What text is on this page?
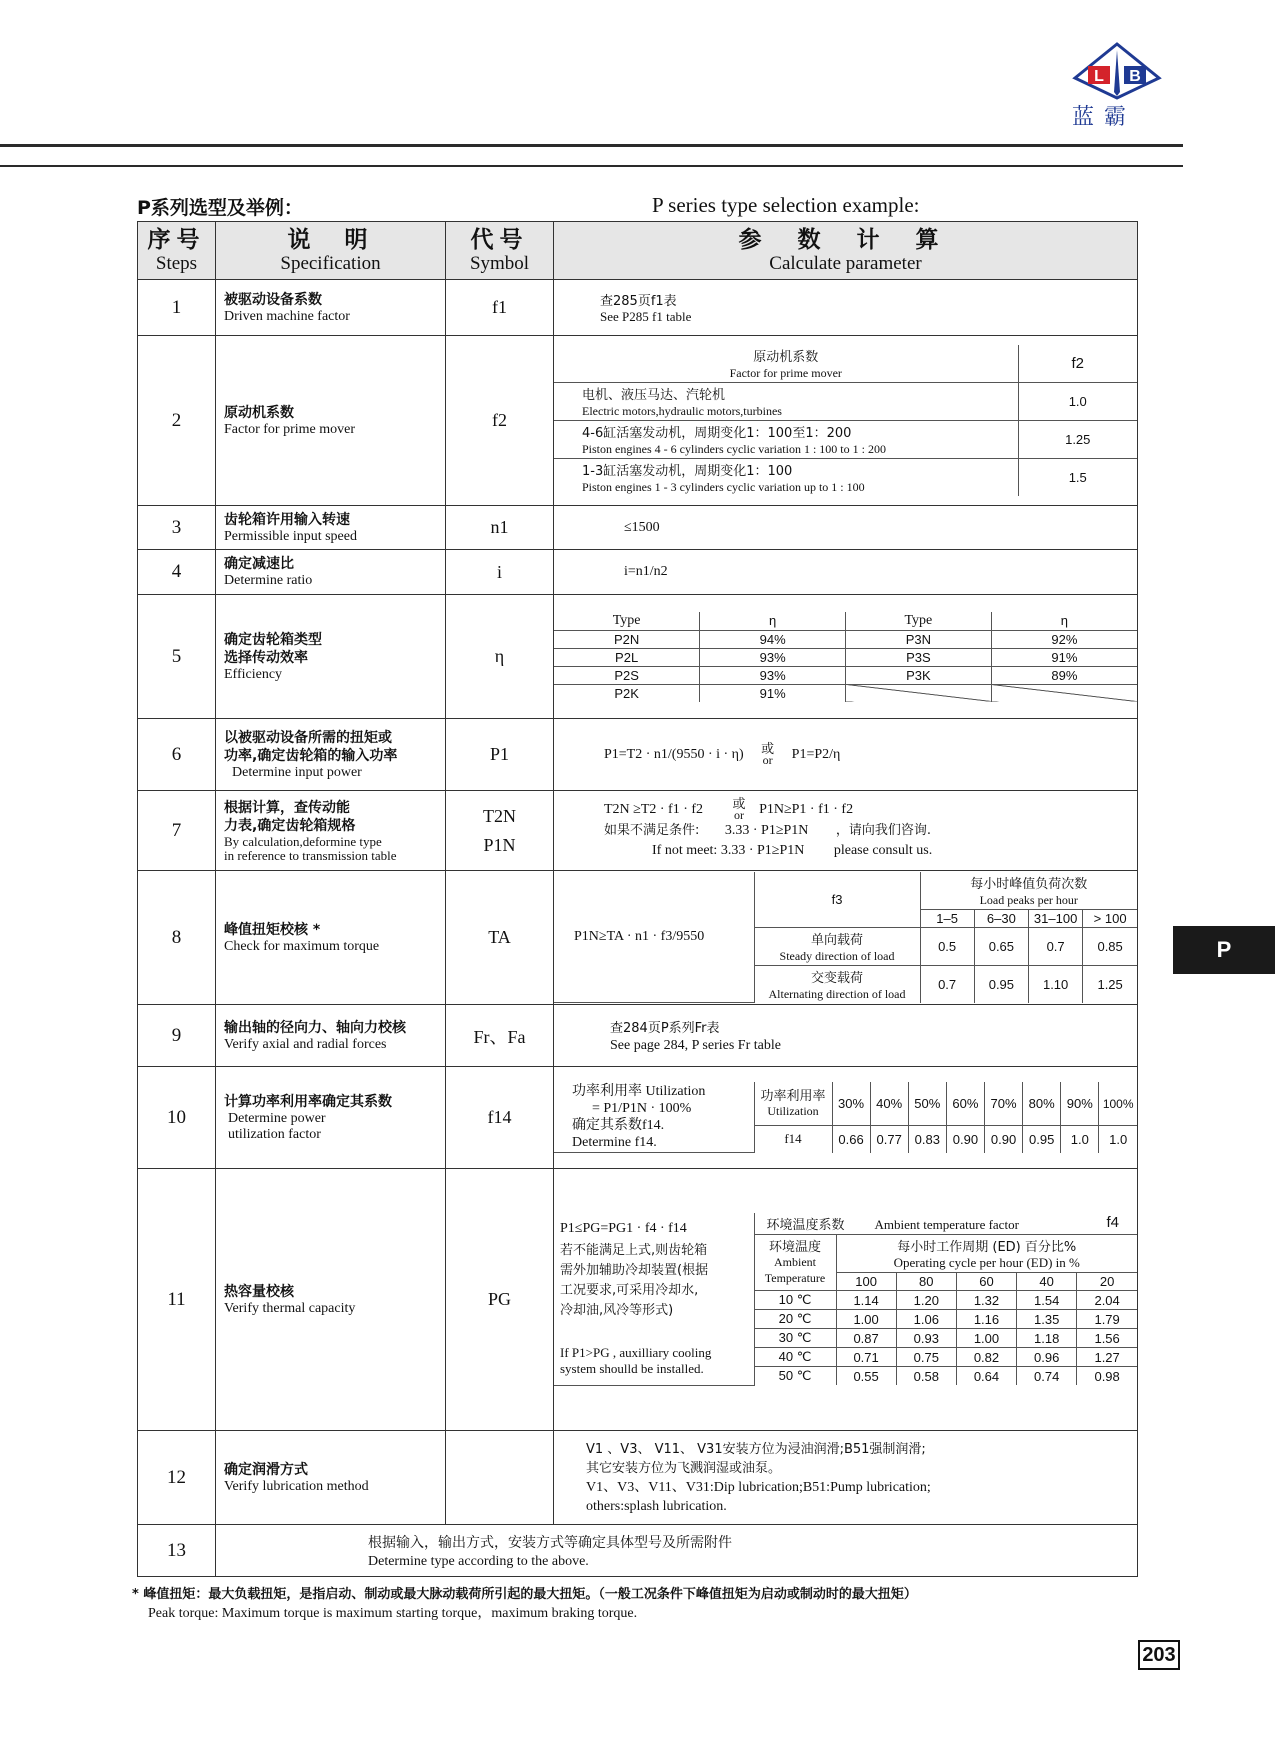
L B
蓝霸
P系列选型及举例：	P series type selection example:
P
序号
Steps

说  明
Specification

代号
Symbol

参 数 计 算
Calculate parameter

1	被驱动设备系数
Driven machine factor	f1	查285页f1表
See P285 f1 table

2	原动机系数
Factor for prime mover	f2	
原动机系数
Factor for prime mover	f2

电机、液压马达、汽轮机
Electric motors,hydraulic motors,turbines	1.0

4-6缸活塞发动机，周期变化1：100至1：200
Piston engines 4 - 6 cylinders cyclic variation 1 : 100 to 1 : 200	1.25

1-3缸活塞发动机，周期变化1：100
Piston engines 1 - 3 cylinders cyclic variation up to 1 : 100	1.5

3	齿轮箱许用输入转速
Permissible input speed	n1	≤1500
4	确定减速比
Determine ratio	i	i=n1/n2
5	
确定齿轮箱类型
选择传动效率
Efficiency
	η	
Type	η	Type	η
P2N	94%	P3N	92%
P2L	93%	P3S	91%
P2S	93%	P3K	89%
P2K	91%		

6	
以被驱动设备所需的扭矩或
功率,确定齿轮箱的输入功率
Determine input power
	P1	P1=T2 · n1/(9550 · i · η) 或
or P1=P2/η
7	
根据计算，查传动能
力表,确定齿轮箱规格
By calculation,deformine type
in reference to transmission table

T2N
P1N

T2N ≥T2 · f1 · f2 或
or P1N≥P1 · f1 · f2
如果不满足条件: 3.33 · P1≥P1N ，请向我们咨询.
If not meet: 3.33 · P1≥P1N please consult us.

8	峰值扭矩校核 *
Check for maximum torque	TA		P1N≥TA · n1 · f3/9550	f3	
每小时峰值负荷次数
Load peaks per hour
1–5	6–30	31–100	> 100

单向载荷
Steady direction of load	0.5	0.65	0.7	0.85

交变载荷
Alternating direction of load	0.7	0.95	1.10	1.25

9	输出轴的径向力、轴向力校核
Verify axial and radial forces	Fr、Fa	查284页P系列Fr表
See page 284, P series Fr table
10	
计算功率利用率确定其系数
Determine power
utilization factor
	f14	
功率利用率 Utilization
= P1/P1N · 100%
确定其系数f14.
Determine f14.

功率利用率
Utilization	30%	40%	50%	60%	70%	80%	90%	100%
f14	0.66	0.77	0.83	0.90	0.90	0.95	1.0	1.0

11	热容量校核
Verify thermal capacity	PG	
P1≤PG=PG1 · f4 · f14
若不能满足上式,则齿轮箱
需外加辅助冷却装置(根据
工况要求,可采用冷却水,
冷却油,风冷等形式)
If P1>PG , auxilliary cooling
system shoulld be installed.
	环境温度系数 Ambient temperature factor	f4

环境温度
Ambient
Temperature	
每小时工作周期 (ED) 百分比%
Operating cycle per hour (ED) in %
100	80	60	40	20
10 ℃	1.14	1.20	1.32	1.54	2.04
20 ℃	1.00	1.06	1.16	1.35	1.79
30 ℃	0.87	0.93	1.00	1.18	1.56
40 ℃	0.71	0.75	0.82	0.96	1.27
50 ℃	0.55	0.58	0.64	0.74	0.98

12	确定润滑方式
Verify lubrication method

V1 、V3、 V11、 V31安装方位为浸油润滑;B51强制润滑;
其它安装方位为飞溅润湿或油泵。
V1、V3、V11、V31:Dip lubrication;B51:Pump lubrication;
others:splash lubrication.

13	根据输入，输出方式，安装方式等确定具体型号及所需附件
Determine type according to the above.
* 峰值扭矩：最大负载扭矩，是指启动、制动或最大脉动载荷所引起的最大扭矩。（一般工况条件下峰值扭矩为启动或制动时的最大扭矩）
Peak torque: Maximum torque is maximum starting torque，maximum braking torque.
203
